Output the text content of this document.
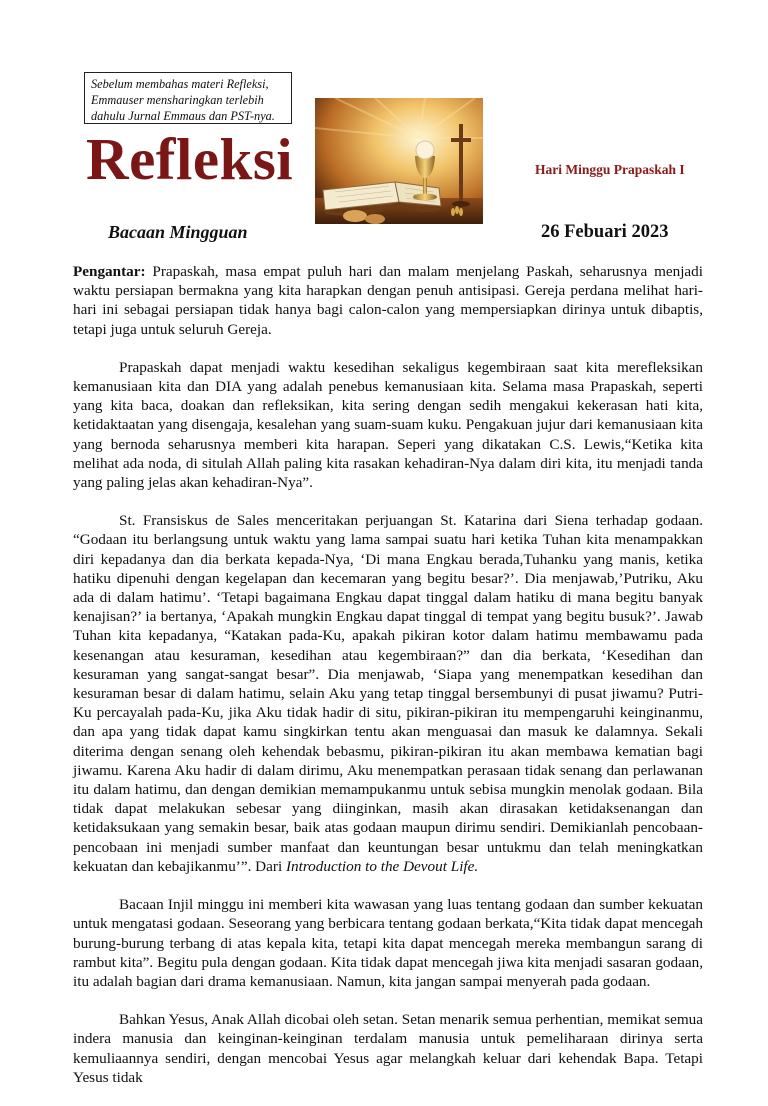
Sebelum membahas materi Refleksi,
Emmauser mensharingkan terlebih
dahulu Jurnal Emmaus dan PST-nya.
Refleksi	Hari Minggu Prapaskah I
Bacaan Mingguan	26 Febuari 2023

Pengantar: Prapaskah, masa empat puluh hari dan malam menjelang Paskah, seharusnya menjadi waktu persiapan bermakna yang kita harapkan dengan penuh antisipasi. Gereja perdana melihat hari-hari ini sebagai persiapan tidak hanya bagi calon-calon yang mempersiapkan dirinya untuk dibaptis, tetapi juga untuk seluruh Gereja.

Prapaskah dapat menjadi waktu kesedihan sekaligus kegembiraan saat kita merefleksikan kemanusiaan kita dan DIA yang adalah penebus kemanusiaan kita. Selama masa Prapaskah, seperti yang kita baca, doakan dan refleksikan, kita sering dengan sedih mengakui kekerasan hati kita, ketidaktaatan yang disengaja, kesalehan yang suam-suam kuku. Pengakuan jujur dari kemanusiaan kita yang bernoda seharusnya memberi kita harapan. Seperi yang dikatakan C.S. Lewis,“Ketika kita melihat ada noda, di situlah Allah paling kita rasakan kehadiran-Nya dalam diri kita, itu menjadi tanda yang paling jelas akan kehadiran-Nya”.

St. Fransiskus de Sales menceritakan perjuangan St. Katarina dari Siena terhadap godaan. “Godaan itu berlangsung untuk waktu yang lama sampai suatu hari ketika Tuhan kita menampakkan diri kepadanya dan dia berkata kepada-Nya, ‘Di mana Engkau berada,Tuhanku yang manis, ketika hatiku dipenuhi dengan kegelapan dan kecemaran yang begitu besar?’. Dia menjawab,’Putriku, Aku ada di dalam hatimu’. ‘Tetapi bagaimana Engkau dapat tinggal dalam hatiku di mana begitu banyak kenajisan?’ ia bertanya, ‘Apakah mungkin Engkau dapat tinggal di tempat yang begitu busuk?’. Jawab Tuhan kita kepadanya, “Katakan pada-Ku, apakah pikiran kotor dalam hatimu membawamu pada kesenangan atau kesuraman, kesedihan atau kegembiraan?” dan dia berkata, ‘Kesedihan dan kesuraman yang sangat-sangat besar”. Dia menjawab, ‘Siapa yang menempatkan kesedihan dan kesuraman besar di dalam hatimu, selain Aku yang tetap tinggal bersembunyi di pusat jiwamu? Putri-Ku percayalah pada-Ku, jika Aku tidak hadir di situ, pikiran-pikiran itu mempengaruhi keinginanmu, dan apa yang tidak dapat kamu singkirkan tentu akan menguasai dan masuk ke dalamnya. Sekali diterima dengan senang oleh kehendak bebasmu, pikiran-pikiran itu akan membawa kematian bagi jiwamu. Karena Aku hadir di dalam dirimu, Aku menempatkan perasaan tidak senang dan perlawanan itu dalam hatimu, dan dengan demikian memampukanmu untuk sebisa mungkin menolak godaan. Bila tidak dapat melakukan sebesar yang diinginkan, masih akan dirasakan ketidaksenangan dan ketidaksukaan yang semakin besar, baik atas godaan maupun dirimu sendiri. Demikianlah pencobaan-pencobaan ini menjadi sumber manfaat dan keuntungan besar untukmu dan telah meningkatkan kekuatan dan kebajikanmu’”. Dari Introduction to the Devout Life.

Bacaan Injil minggu ini memberi kita wawasan yang luas tentang godaan dan sumber kekuatan untuk mengatasi godaan. Seseorang yang berbicara tentang godaan berkata,“Kita tidak dapat mencegah burung-burung terbang di atas kepala kita, tetapi kita dapat mencegah mereka membangun sarang di rambut kita”. Begitu pula dengan godaan. Kita tidak dapat mencegah jiwa kita menjadi sasaran godaan, itu adalah bagian dari drama kemanusiaan. Namun, kita jangan sampai menyerah pada godaan.

Bahkan Yesus, Anak Allah dicobai oleh setan. Setan menarik semua perhentian, memikat semua indera manusia dan keinginan-keinginan terdalam manusia untuk pemeliharaan dirinya serta kemuliaannya sendiri, dengan mencobai Yesus agar melangkah keluar dari kehendak Bapa. Tetapi Yesus tidak
